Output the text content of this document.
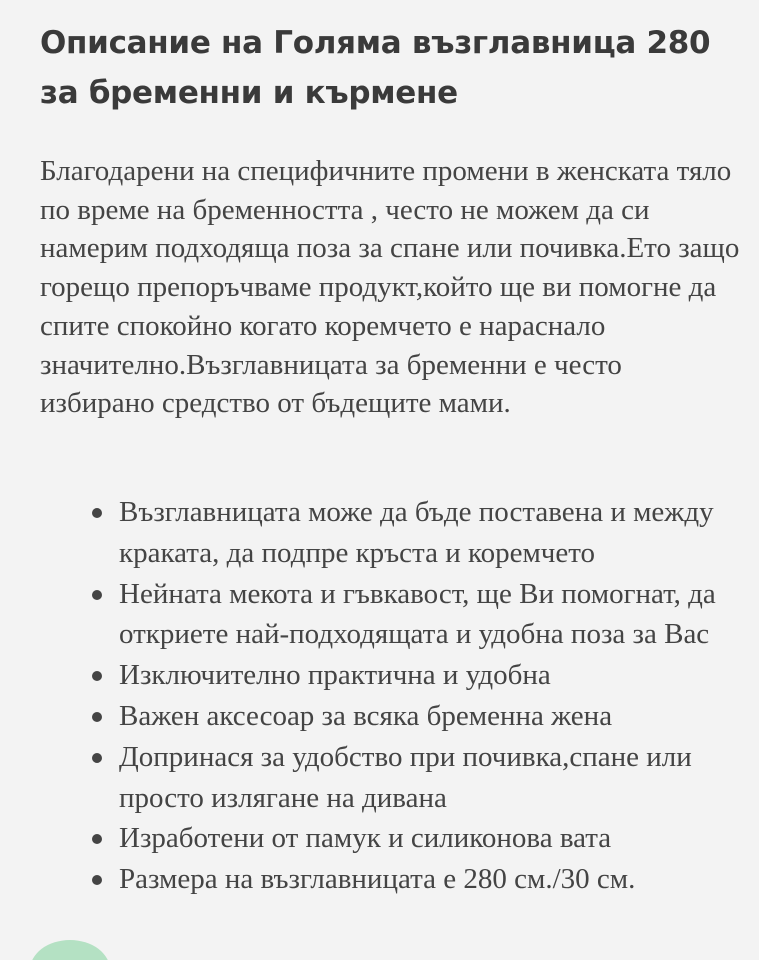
Описание на Голяма възглавница 280 за бременни и кърмене

Благодарени на специфичните промени в женската тяло по време на бременността , често не можем да си намерим подходяща поза за спане или почивка.Ето защо горещо препоръчваме продукт,който ще ви помогне да спите спокойно когато коремчето е нараснало значително.Възглавницата за бременни е често избирано средство от бъдещите мами.

Възглавницата може да бъде поставена и между краката, да подпре кръста и коремчето
Нейната мекота и гъвкавост, ще Ви помогнат, да откриете най-подходящата и удобна поза за Вас
Изключително практична и удобна
Важен аксесоар за всяка бременна жена
Допринася за удобство при почивка,спане или просто излягане на дивана
Изработени от памук и силиконова вата
Размера на възглавницата е 280 см./30 см.
